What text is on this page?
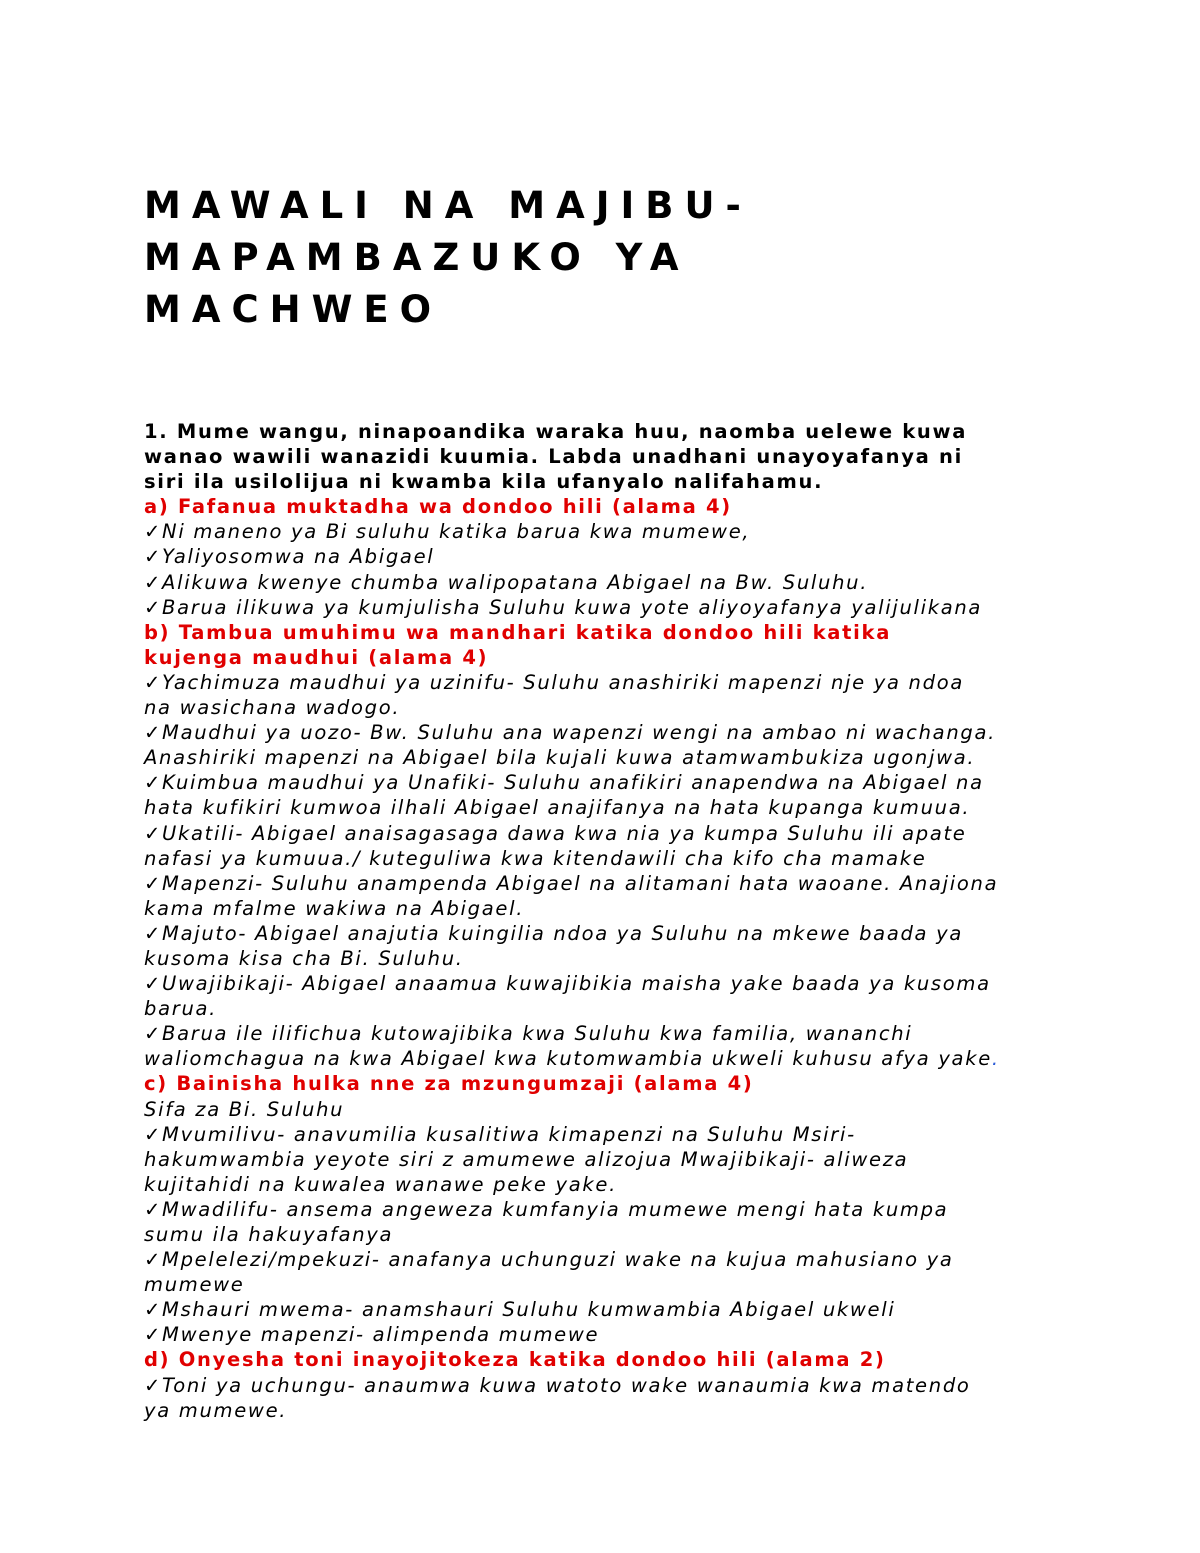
MAWALI NA MAJIBU-
MAPAMBAZUKO YA
MACHWEO
1. Mume wangu, ninapoandika waraka huu, naomba uelewe kuwa
wanao wawili wanazidi kuumia. Labda unadhani unayoyafanya ni
siri ila usilolijua ni kwamba kila ufanyalo nalifahamu.
a) Fafanua muktadha wa dondoo hili (alama 4)
✓Ni maneno ya Bi suluhu katika barua kwa mumewe,
✓Yaliyosomwa na Abigael
✓Alikuwa kwenye chumba walipopatana Abigael na Bw. Suluhu.
✓Barua ilikuwa ya kumjulisha Suluhu kuwa yote aliyoyafanya yalijulikana
b) Tambua umuhimu wa mandhari katika dondoo hili katika
kujenga maudhui (alama 4)
✓Yachimuza maudhui ya uzinifu- Suluhu anashiriki mapenzi nje ya ndoa
na wasichana wadogo.
✓Maudhui ya uozo- Bw. Suluhu ana wapenzi wengi na ambao ni wachanga.
Anashiriki mapenzi na Abigael bila kujali kuwa atamwambukiza ugonjwa.
✓Kuimbua maudhui ya Unafiki- Suluhu anafikiri anapendwa na Abigael na
hata kufikiri kumwoa ilhali Abigael anajifanya na hata kupanga kumuua.
✓Ukatili- Abigael anaisagasaga dawa kwa nia ya kumpa Suluhu ili apate
nafasi ya kumuua./ kuteguliwa kwa kitendawili cha kifo cha mamake
✓Mapenzi- Suluhu anampenda Abigael na alitamani hata waoane. Anajiona
kama mfalme wakiwa na Abigael.
✓Majuto- Abigael anajutia kuingilia ndoa ya Suluhu na mkewe baada ya
kusoma kisa cha Bi. Suluhu.
✓Uwajibikaji- Abigael anaamua kuwajibikia maisha yake baada ya kusoma
barua.
✓Barua ile ilifichua kutowajibika kwa Suluhu kwa familia, wananchi
waliomchagua na kwa Abigael kwa kutomwambia ukweli kuhusu afya yake.
c) Bainisha hulka nne za mzungumzaji (alama 4)
Sifa za Bi. Suluhu
✓Mvumilivu- anavumilia kusalitiwa kimapenzi na Suluhu Msiri-
hakumwambia yeyote siri z amumewe alizojua Mwajibikaji- aliweza
kujitahidi na kuwalea wanawe peke yake.
✓Mwadilifu- ansema angeweza kumfanyia mumewe mengi hata kumpa
sumu ila hakuyafanya
✓Mpelelezi/mpekuzi- anafanya uchunguzi wake na kujua mahusiano ya
mumewe
✓Mshauri mwema- anamshauri Suluhu kumwambia Abigael ukweli
✓Mwenye mapenzi- alimpenda mumewe
d) Onyesha toni inayojitokeza katika dondoo hili (alama 2)
✓Toni ya uchungu- anaumwa kuwa watoto wake wanaumia kwa matendo
ya mumewe.
